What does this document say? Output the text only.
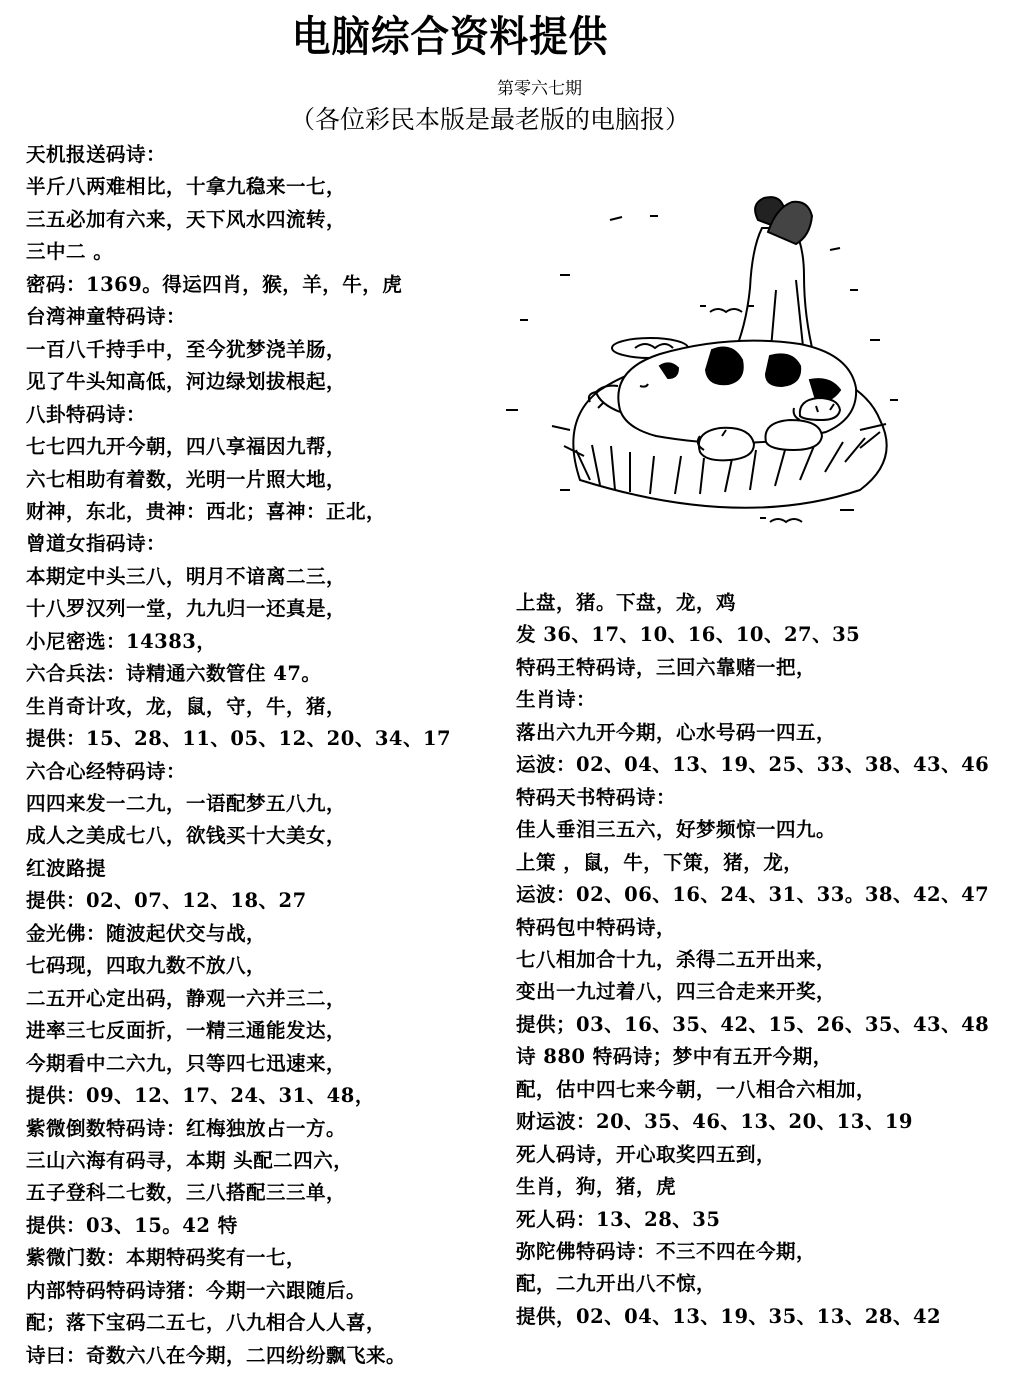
电脑综合资料提供
第零六七期
（各位彩民本版是最老版的电脑报）
天机报送码诗：
半斤八两难相比，十拿九稳来一七，
三五必加有六来，天下风水四流转，
三中二 。
密码：1369。得运四肖，猴，羊，牛，虎
台湾神童特码诗：
一百八千持手中，至今犹梦浇羊肠，
见了牛头知高低，河边绿划拔根起，
八卦特码诗：
七七四九开今朝，四八享福因九帮，
六七相助有着数，光明一片照大地，
财神，东北，贵神：西北；喜神：正北，
曾道女指码诗：
本期定中头三八，明月不谙离二三，
十八罗汉列一堂，九九归一还真是，
小尼密选：14383，
六合兵法：诗精通六数管住 47。
生肖奇计攻，龙，鼠，守，牛，猪，
提供：15、28、11、05、12、20、34、17
六合心经特码诗：
四四来发一二九，一语配梦五八九，
成人之美成七八，欲钱买十大美女，
红波路提
提供：02、07、12、18、27
金光佛：随波起伏交与战，
七码现，四取九数不放八，
二五开心定出码，静观一六并三二，
进率三七反面折，一精三通能发达，
今期看中二六九，只等四七迅速来，
提供：09、12、17、24、31、48，
紫微倒数特码诗：红梅独放占一方。
三山六海有码寻，本期 头配二四六，
五子登科二七数，三八搭配三三单，
提供：03、15。42 特
紫微门数：本期特码奖有一七，
内部特码特码诗猪：今期一六跟随后。
配；落下宝码二五七，八九相合人人喜，
诗曰：奇数六八在今期，二四纷纷飘飞来。
上盘，猪。下盘，龙，鸡
发 36、17、10、16、10、27、35
特码王特码诗，三回六靠赌一把，
生肖诗：
落出六九开今期，心水号码一四五，
运波：02、04、13、19、25、33、38、43、46
特码天书特码诗：
佳人垂泪三五六，好梦频惊一四九。
上策 ，鼠，牛，下策，猪，龙，
运波：02、06、16、24、31、33。38、42、47
特码包中特码诗，
七八相加合十九，杀得二五开出来，
变出一九过着八，四三合走来开奖，
提供；03、16、35、42、15、26、35、43、48
诗 880 特码诗；梦中有五开今期，
配，估中四七来今朝，一八相合六相加，
财运波：20、35、46、13、20、13、19
死人码诗，开心取奖四五到，
生肖，狗，猪，虎
死人码：13、28、35
弥陀佛特码诗：不三不四在今期，
配，二九开出八不惊，
提供，02、04、13、19、35、13、28、42
